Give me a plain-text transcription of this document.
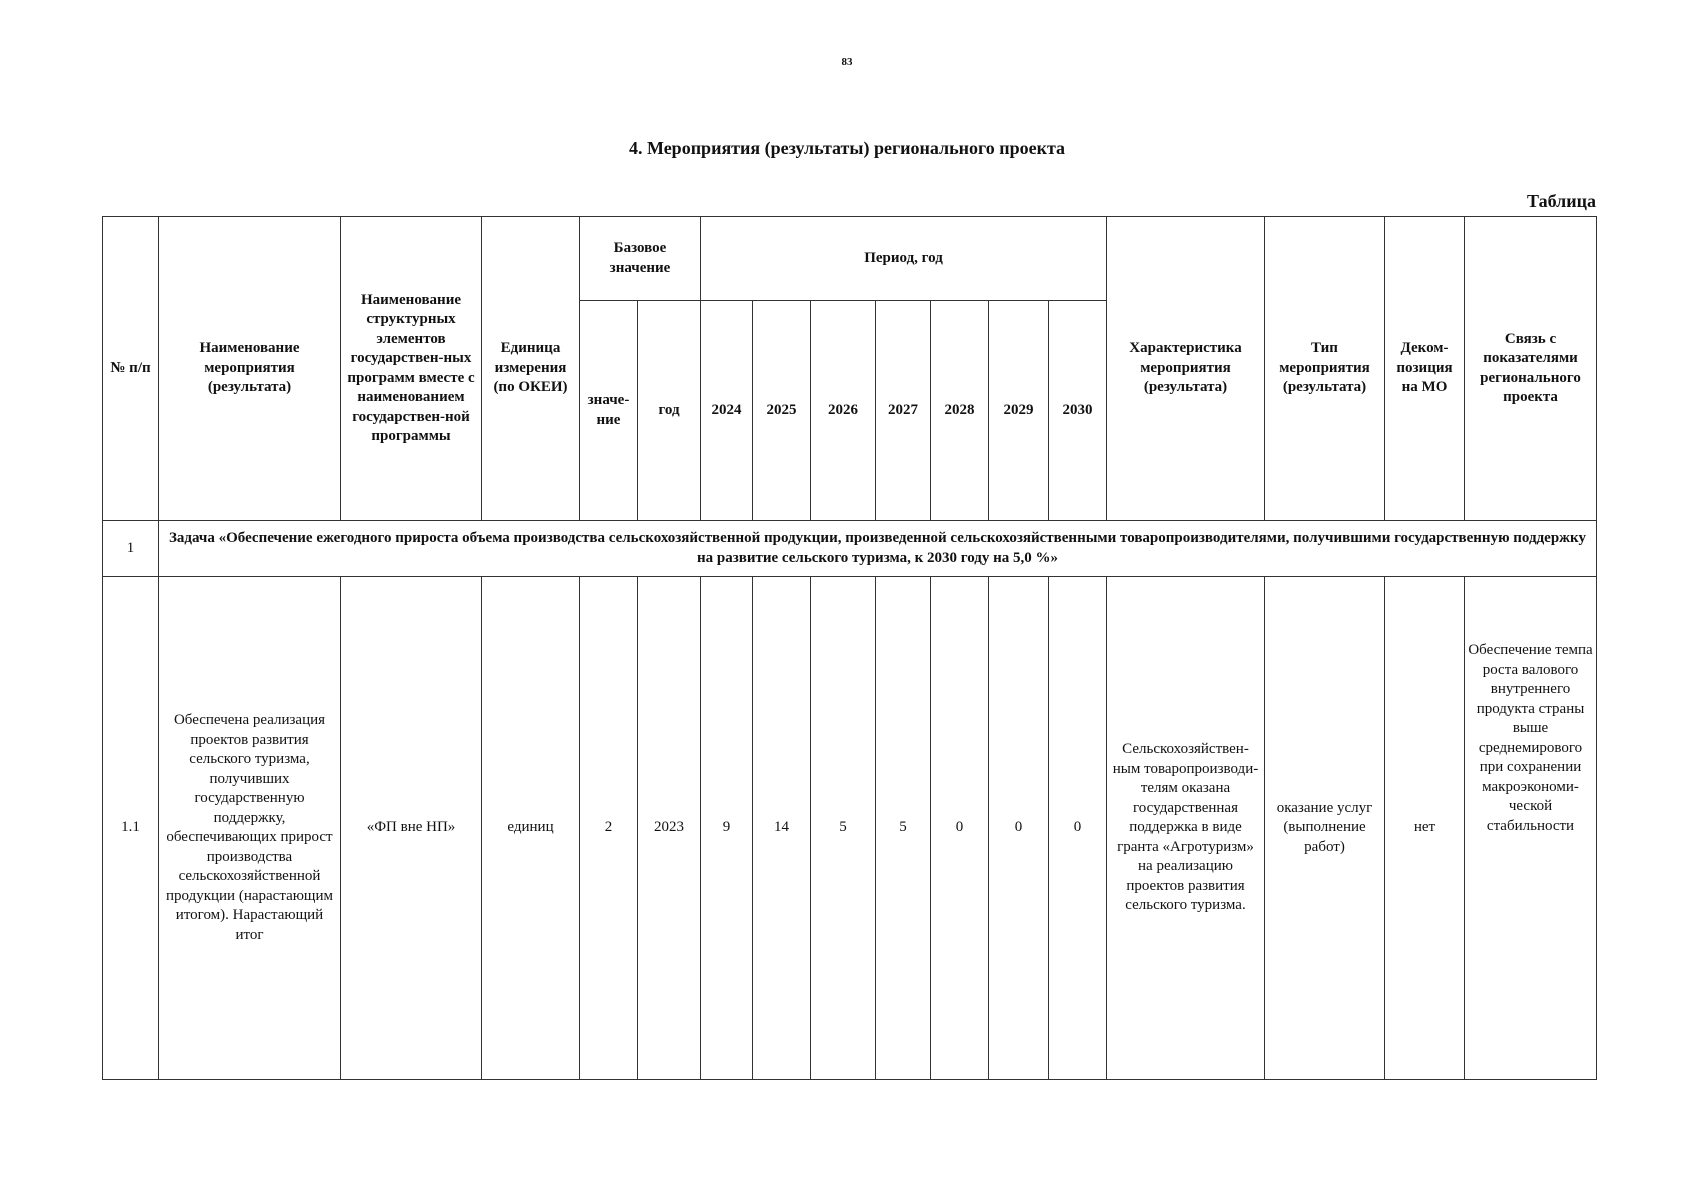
83
4. Мероприятия (результаты) регионального проекта
Таблица
№ п/п	Наименование мероприятия (результата)	Наименование структурных элементов государствен-ных программ вместе с наименованием государствен-ной программы	Единица измерения (по ОКЕИ)	Базовое значение		Период, год							Характеристика мероприятия (результата)	Тип мероприятия (результата)	Деком-позиция на МО	Связь с показателями регионального проекта
				значе-ние	год	2024	2025	2026	2027	2028	2029	2030				
1	Задача «Обеспечение ежегодного прироста объема производства сельскохозяйственной продукции, произведенной сельскохозяйственными товаропроизводителями, получившими государственную поддержку на развитие сельского туризма, к 2030 году на 5,0 %»															
1.1	Обеспечена реализация проектов развития сельского туризма, получивших государственную поддержку, обеспечивающих прирост производства сельскохозяйственной продукции (нарастающим итогом). Нарастающий итог	«ФП вне НП»	единиц	2	2023	9	14	5	5	0	0	0	Сельскохозяйствен-ным товаропроизводи-телям оказана государственная поддержка в виде гранта «Агротуризм» на реализацию проектов развития сельского туризма.	оказание услуг (выполнение работ)	нет	Обеспечение темпа роста валового внутреннего продукта страны выше среднемирового при сохранении макроэкономи-ческой стабильности
